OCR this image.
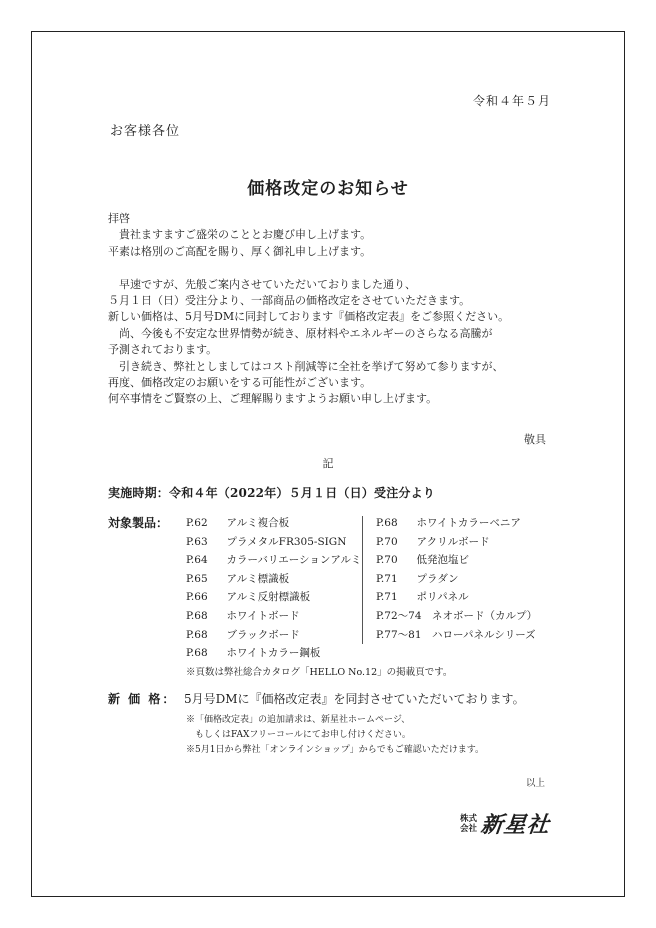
令和４年５月
お客様各位
価格改定のお知らせ
拝啓
　貴社ますますご盛栄のこととお慶び申し上げます。
平素は格別のご高配を賜り、厚く御礼申し上げます。
　早速ですが、先般ご案内させていただいておりました通り、
５月１日（日）受注分より、一部商品の価格改定をさせていただきます。
新しい価格は、5月号DMに同封しております『価格改定表』をご参照ください。
　尚、今後も不安定な世界情勢が続き、原材料やエネルギーのさらなる高騰が
予測されております。
　引き続き、弊社としましてはコスト削減等に全社を挙げて努めて参りますが、
再度、価格改定のお願いをする可能性がございます。
何卒事情をご賢察の上、ご理解賜りますようお願い申し上げます。
敬具
記
実施時期：令和４年（2022年）５月１日（日）受注分より
対象製品： P.62　 アルミ複合板
P.63　 プラメタルFR305-SIGN
P.64　 カラーバリエーションアルミ
P.65　 アルミ標識板
P.66　 アルミ反射標識板
P.68　 ホワイトボード
P.68　 ブラックボード
P.68　 ホワイトカラー鋼板
P.68　 ホワイトカラーベニア
P.70　 アクリルボード
P.70　 低発泡塩ビ
P.71　 プラダン
P.71　 ポリパネル
P.72～74　 ネオボード（カルプ）
P.77～81　 ハローパネルシリーズ
※頁数は弊社総合カタログ「HELLO No.12」の掲載頁です。
新 価 格： 5月号DMに『価格改定表』を同封させていただいております。
※「価格改定表」の追加請求は、新星社ホームページ、
　もしくはFAXフリーコールにてお申し付けください。
※5月1日から弊社「オンラインショップ」からでもご確認いただけます。
以上
株式
会社 新星社
